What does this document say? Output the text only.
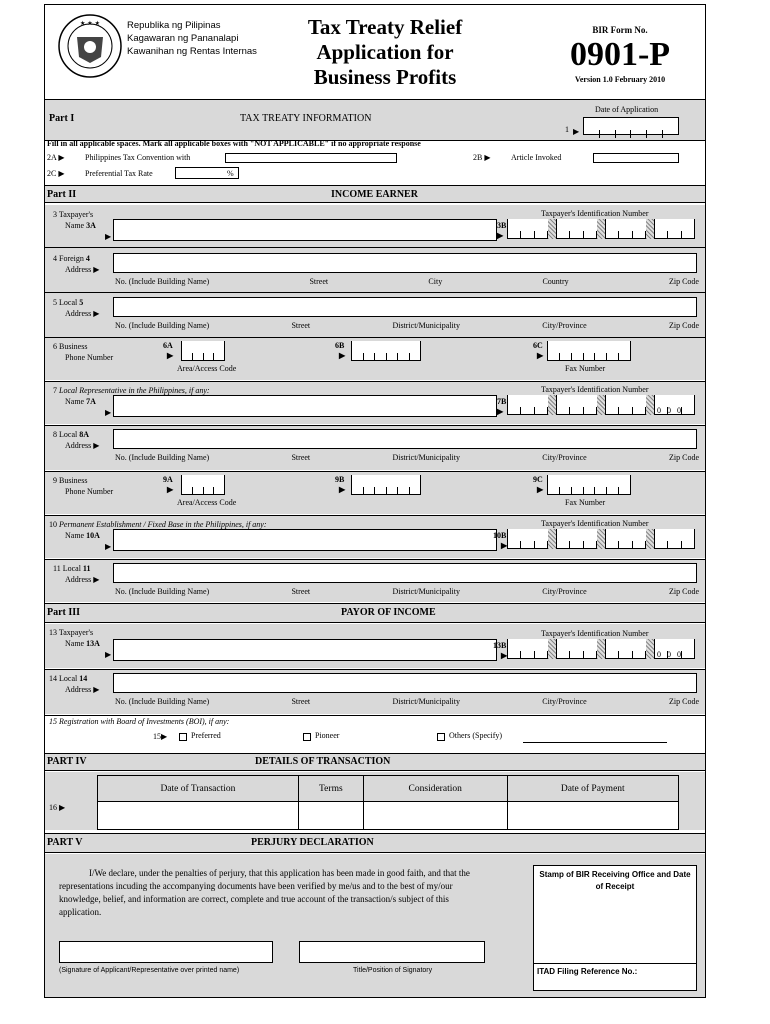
★ ★ ★	Republika ng Pilipinas
Kagawaran ng Pananalapi
Kawanihan ng Rentas Internas
Tax Treaty Relief
Application for
Business Profits
BIR Form No.
0901-P
Version 1.0 February 2010
Part I	TAX TREATY INFORMATION
Date of Application
1 ▶
Fill in all applicable spaces. Mark all applicable boxes with "NOT APPLICABLE" if no appropriate response
2A ▶	Philippines Tax Convention with	2B ▶	Article Invoked
2C ▶	Preferential Tax Rate	%
Part II	INCOME EARNER
3 Taxpayer's
Name 3A
▶
3B
▶
Taxpayer's Identification Number
4 Foreign 4
Address ▶
No. (Include Building Name)	Street	City	Country	Zip Code
5 Local 5
Address ▶
No. (Include Building Name)	Street	District/Municipality	City/Province	Zip Code
6 Business
Phone Number
6A
▶
6B
▶
6C
▶
Area/Access Code	Fax Number
7 Local Representative in the Philippines, if any:
Name 7A
▶
7B
▶
Taxpayer's Identification Number
0 0 0
8 Local 8A
Address ▶
No. (Include Building Name)	Street	District/Municipality	City/Province	Zip Code
9 Business
Phone Number
9A
▶
9B
▶
9C
▶
Area/Access Code	Fax Number
10 Permanent Establishment / Fixed Base in the Philippines, if any:
Name 10A
▶
10B
▶
Taxpayer's Identification Number
11 Local 11
Address ▶
No. (Include Building Name)	Street	District/Municipality	City/Province	Zip Code
Part III	PAYOR OF INCOME
13 Taxpayer's
Name 13A
▶
13B
▶
Taxpayer's Identification Number
0 0 0
14 Local 14
Address ▶
No. (Include Building Name)	Street	District/Municipality	City/Province	Zip Code
15 Registration with Board of Investments (BOI), if any:
15▶	Preferred	Pioneer	Others (Specify)
PART IV	DETAILS OF TRANSACTION
Date of Transaction	Terms	Consideration	Date of Payment

16 ▶
PART V	PERJURY DECLARATION
I/We declare, under the penalties of perjury, that this application has been made in good faith, and that the representations incuding the accompanying documents have been verified by me/us and to the best of my/our knowledge, belief, and information are correct, complete and true account of the transaction/s subject of this application.
Stamp of BIR Receiving Office and Date of Receipt
ITAD Filing Reference No.:
(Signature of Applicant/Representative over printed name)	Title/Position of Signatory
